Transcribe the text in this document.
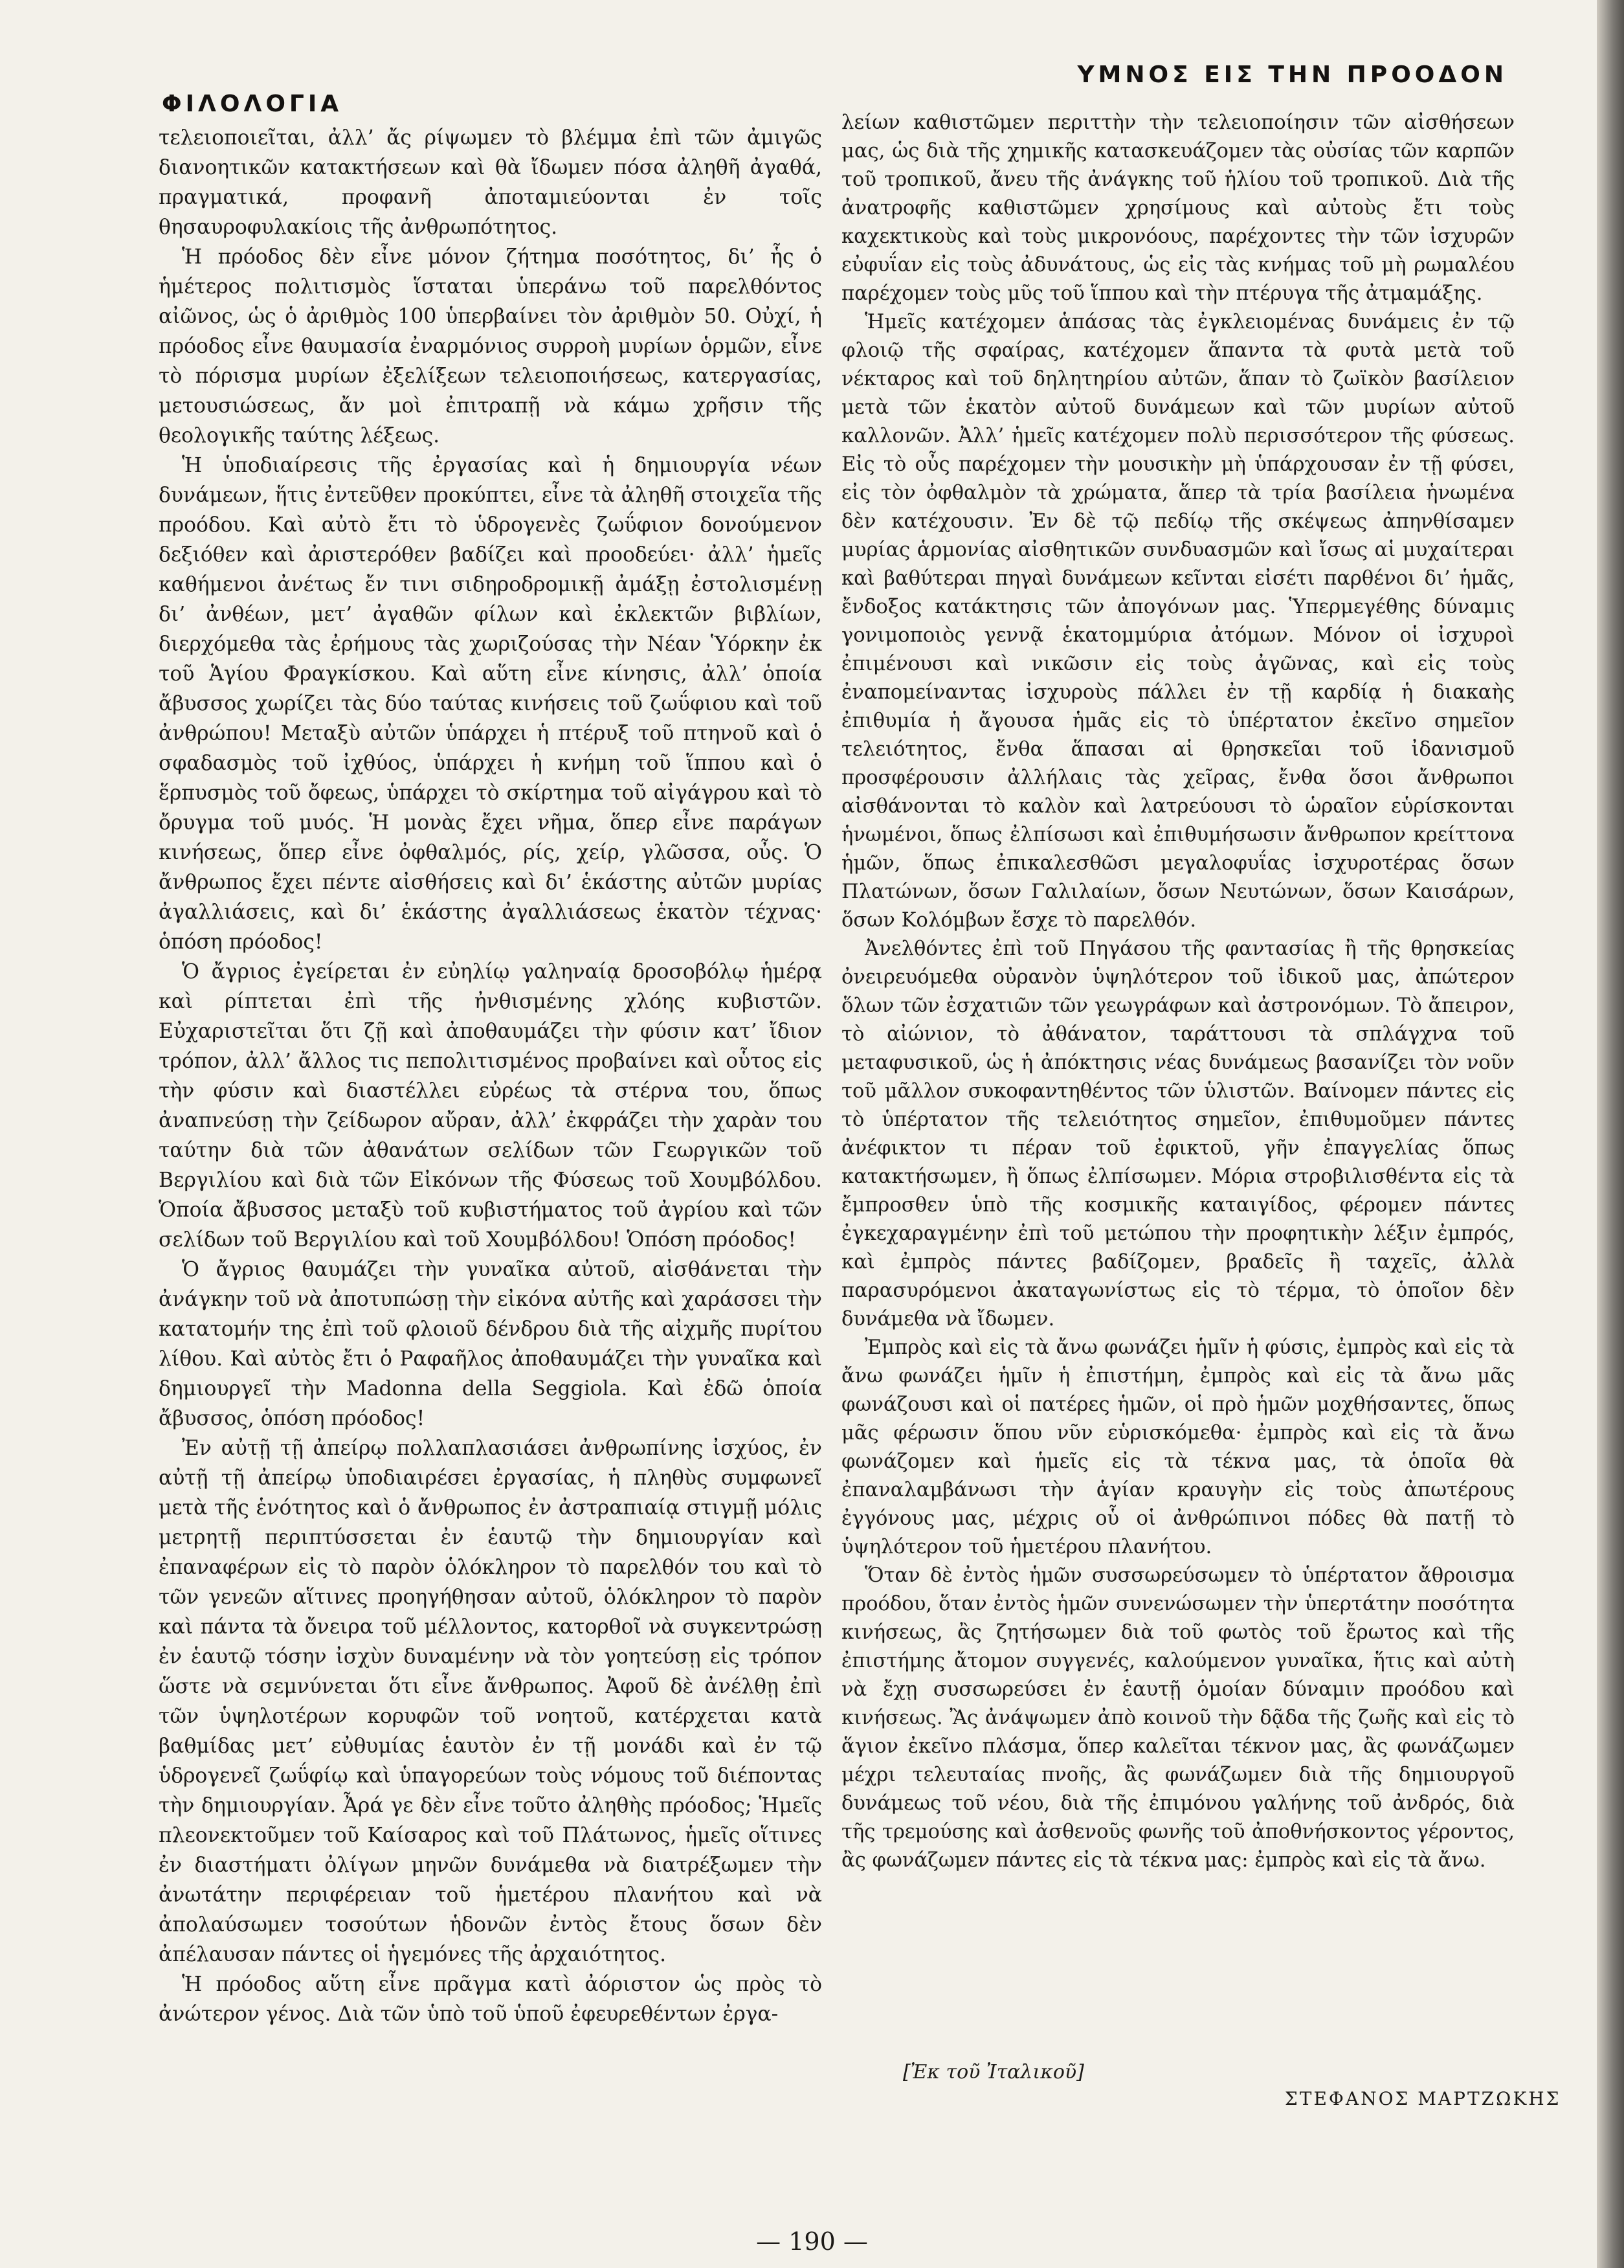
ΦΙΛΟΛΟΓΙΑ
ΥΜΝΟΣ ΕΙΣ ΤΗΝ ΠΡΟΟΔΟΝ

τελειοποιεῖται, ἀλλ’ ἄς ρίψωμεν τὸ βλέμμα ἐπὶ τῶν ἀμιγῶς διανοητικῶν κατακτήσεων καὶ θὰ ἴδωμεν πόσα ἀληθῆ ἀγαθά, πραγματικά, προφανῆ ἀποταμιεύονται ἐν τοῖς θησαυροφυλακίοις τῆς ἀνθρωπότητος.

Ἡ πρόοδος δὲν εἶνε μόνον ζήτημα ποσότητος, δι’ ἧς ὁ ἡμέτερος πολιτισμὸς ἵσταται ὑπεράνω τοῦ παρελθόντος αἰῶνος, ὡς ὁ ἀριθμὸς 100 ὑπερβαίνει τὸν ἀριθμὸν 50. Οὐχί, ἡ πρόοδος εἶνε θαυμασία ἐναρμόνιος συρροὴ μυρίων ὁρμῶν, εἶνε τὸ πόρισμα μυρίων ἐξελίξεων τελειοποιήσεως, κατεργασίας, μετουσιώσεως, ἄν μοὶ ἐπιτραπῇ νὰ κάμω χρῆσιν τῆς θεολογικῆς ταύτης λέξεως.

Ἡ ὑποδιαίρεσις τῆς ἐργασίας καὶ ἡ δημιουργία νέων δυνάμεων, ἥτις ἐντεῦθεν προκύπτει, εἶνε τὰ ἀληθῆ στοιχεῖα τῆς προόδου. Καὶ αὐτὸ ἔτι τὸ ὑδρογενὲς ζωΰφιον δονούμενον δεξιόθεν καὶ ἀριστερόθεν βαδίζει καὶ προοδεύει· ἀλλ’ ἡμεῖς καθήμενοι ἀνέτως ἔν τινι σιδηροδρομικῇ ἀμάξῃ ἐστολισμένῃ δι’ ἀνθέων, μετ’ ἀγαθῶν φίλων καὶ ἐκλεκτῶν βιβλίων, διερχόμεθα τὰς ἐρήμους τὰς χωριζούσας τὴν Νέαν Ὑόρκην ἐκ τοῦ Ἁγίου Φραγκίσκου. Καὶ αὕτη εἶνε κίνησις, ἀλλ’ ὁποία ἄβυσσος χωρίζει τὰς δύο ταύτας κινήσεις τοῦ ζωΰφιου καὶ τοῦ ἀνθρώπου! Μεταξὺ αὐτῶν ὑπάρχει ἡ πτέρυξ τοῦ πτηνοῦ καὶ ὁ σφαδασμὸς τοῦ ἰχθύος, ὑπάρχει ἡ κνήμη τοῦ ἵππου καὶ ὁ ἕρπυσμὸς τοῦ ὄφεως, ὑπάρχει τὸ σκίρτημα τοῦ αἰγάγρου καὶ τὸ ὄρυγμα τοῦ μυός. Ἡ μονὰς ἔχει νῆμα, ὅπερ εἶνε παράγων κινήσεως, ὅπερ εἶνε ὀφθαλμός, ρίς, χείρ, γλῶσσα, οὖς. Ὁ ἄνθρωπος ἔχει πέντε αἰσθήσεις καὶ δι’ ἑκάστης αὐτῶν μυρίας ἀγαλλιάσεις, καὶ δι’ ἑκάστης ἀγαλλιάσεως ἑκατὸν τέχνας· ὁπόση πρόοδος!

Ὁ ἄγριος ἐγείρεται ἐν εὐηλίῳ γαληναίᾳ δροσοβόλῳ ἡμέρᾳ καὶ ρίπτεται ἐπὶ τῆς ἠνθισμένης χλόης κυβιστῶν. Εὐχαριστεῖται ὅτι ζῇ καὶ ἀποθαυμάζει τὴν φύσιν κατ’ ἴδιον τρόπον, ἀλλ’ ἄλλος τις πεπολιτισμένος προβαίνει καὶ οὗτος εἰς τὴν φύσιν καὶ διαστέλλει εὐρέως τὰ στέρνα του, ὅπως ἀναπνεύσῃ τὴν ζείδωρον αὔραν, ἀλλ’ ἐκφράζει τὴν χαρὰν του ταύτην διὰ τῶν ἀθανάτων σελίδων τῶν Γεωργικῶν τοῦ Βεργιλίου καὶ διὰ τῶν Εἰκόνων τῆς Φύσεως τοῦ Χουμβόλδου. Ὁποία ἄβυσσος μεταξὺ τοῦ κυβιστήματος τοῦ ἀγρίου καὶ τῶν σελίδων τοῦ Βεργιλίου καὶ τοῦ Χουμβόλδου! Ὁπόση πρόοδος!

Ὁ ἄγριος θαυμάζει τὴν γυναῖκα αὐτοῦ, αἰσθάνεται τὴν ἀνάγκην τοῦ νὰ ἀποτυπώσῃ τὴν εἰκόνα αὐτῆς καὶ χαράσσει τὴν κατατομήν της ἐπὶ τοῦ φλοιοῦ δένδρου διὰ τῆς αἰχμῆς πυρίτου λίθου. Καὶ αὐτὸς ἔτι ὁ Ραφαῆλος ἀποθαυμάζει τὴν γυναῖκα καὶ δημιουργεῖ τὴν Madonna della Seggiola. Καὶ ἐδῶ ὁποία ἄβυσσος, ὁπόση πρόοδος!

Ἐν αὐτῇ τῇ ἀπείρῳ πολλαπλασιάσει ἀνθρωπίνης ἰσχύος, ἐν αὐτῇ τῇ ἀπείρῳ ὑποδιαιρέσει ἐργασίας, ἡ πληθὺς συμφωνεῖ μετὰ τῆς ἑνότητος καὶ ὁ ἄνθρωπος ἐν ἀστραπιαίᾳ στιγμῇ μόλις μετρητῇ περιπτύσσεται ἐν ἑαυτῷ τὴν δημιουργίαν καὶ ἐπαναφέρων εἰς τὸ παρὸν ὁλόκληρον τὸ παρελθόν του καὶ τὸ τῶν γενεῶν αἵτινες προηγήθησαν αὐτοῦ, ὁλόκληρον τὸ παρὸν καὶ πάντα τὰ ὄνειρα τοῦ μέλλοντος, κατορθοῖ νὰ συγκεντρώσῃ ἐν ἑαυτῷ τόσην ἰσχὺν δυναμένην νὰ τὸν γοητεύσῃ εἰς τρόπον ὥστε νὰ σεμνύνεται ὅτι εἶνε ἄνθρωπος. Ἀφοῦ δὲ ἀνέλθῃ ἐπὶ τῶν ὑψηλοτέρων κορυφῶν τοῦ νοητοῦ, κατέρχεται κατὰ βαθμίδας μετ’ εὐθυμίας ἑαυτὸν ἐν τῇ μονάδι καὶ ἐν τῷ ὑδρογενεῖ ζωΰφίῳ καὶ ὑπαγορεύων τοὺς νόμους τοῦ διέποντας τὴν δημιουργίαν. Ἆρά γε δὲν εἶνε τοῦτο ἀληθὴς πρόοδος; Ἡμεῖς πλεονεκτοῦμεν τοῦ Καίσαρος καὶ τοῦ Πλάτωνος, ἡμεῖς οἵτινες ἐν διαστήματι ὀλίγων μηνῶν δυνάμεθα νὰ διατρέξωμεν τὴν ἀνωτάτην περιφέρειαν τοῦ ἡμετέρου πλανήτου καὶ νὰ ἀπολαύσωμεν τοσούτων ἡδονῶν ἐντὸς ἔτους ὅσων δὲν ἀπέλαυσαν πάντες οἱ ἡγεμόνες τῆς ἀρχαιότητος.

Ἡ πρόοδος αὕτη εἶνε πρᾶγμα κατὶ ἀόριστον ὡς πρὸς τὸ ἀνώτερον γένος. Διὰ τῶν ὑπὸ τοῦ ὑποῦ ἐφευρεθέντων ἐργα-

λείων καθιστῶμεν περιττὴν τὴν τελειοποίησιν τῶν αἰσθήσεων μας, ὡς διὰ τῆς χημικῆς κατασκευάζομεν τὰς οὐσίας τῶν καρπῶν τοῦ τροπικοῦ, ἄνευ τῆς ἀνάγκης τοῦ ἡλίου τοῦ τροπικοῦ. Διὰ τῆς ἀνατροφῆς καθιστῶμεν χρησίμους καὶ αὐτοὺς ἔτι τοὺς καχεκτικοὺς καὶ τοὺς μικρονόους, παρέχοντες τὴν τῶν ἰσχυρῶν εὐφυΐαν εἰς τοὺς ἀδυνάτους, ὡς εἰς τὰς κνήμας τοῦ μὴ ρωμαλέου παρέχομεν τοὺς μῦς τοῦ ἵππου καὶ τὴν πτέρυγα τῆς ἀτμαμάξης.

Ἡμεῖς κατέχομεν ἁπάσας τὰς ἐγκλειομένας δυνάμεις ἐν τῷ φλοιῷ τῆς σφαίρας, κατέχομεν ἅπαντα τὰ φυτὰ μετὰ τοῦ νέκταρος καὶ τοῦ δηλητηρίου αὐτῶν, ἅπαν τὸ ζωϊκὸν βασίλειον μετὰ τῶν ἑκατὸν αὐτοῦ δυνάμεων καὶ τῶν μυρίων αὐτοῦ καλλονῶν. Ἀλλ’ ἡμεῖς κατέχομεν πολὺ περισσότερον τῆς φύσεως. Εἰς τὸ οὖς παρέχομεν τὴν μουσικὴν μὴ ὑπάρχουσαν ἐν τῇ φύσει, εἰς τὸν ὀφθαλμὸν τὰ χρώματα, ἅπερ τὰ τρία βασίλεια ἡνωμένα δὲν κατέχουσιν. Ἐν δὲ τῷ πεδίῳ τῆς σκέψεως ἀπηνθίσαμεν μυρίας ἁρμονίας αἰσθητικῶν συνδυασμῶν καὶ ἴσως αἱ μυχαίτεραι καὶ βαθύτεραι πηγαὶ δυνάμεων κεῖνται εἰσέτι παρθένοι δι’ ἡμᾶς, ἔνδοξος κατάκτησις τῶν ἀπογόνων μας. Ὑπερμεγέθης δύναμις γονιμοποιὸς γεννᾷ ἑκατομμύρια ἀτόμων. Μόνον οἱ ἰσχυροὶ ἐπιμένουσι καὶ νικῶσιν εἰς τοὺς ἀγῶνας, καὶ εἰς τοὺς ἐναπομείναντας ἰσχυροὺς πάλλει ἐν τῇ καρδίᾳ ἡ διακαὴς ἐπιθυμία ἡ ἄγουσα ἡμᾶς εἰς τὸ ὑπέρτατον ἐκεῖνο σημεῖον τελειότητος, ἔνθα ἅπασαι αἱ θρησκεῖαι τοῦ ἰδανισμοῦ προσφέρουσιν ἀλλήλαις τὰς χεῖρας, ἔνθα ὅσοι ἄνθρωποι αἰσθάνονται τὸ καλὸν καὶ λατρεύουσι τὸ ὡραῖον εὑρίσκονται ἡνωμένοι, ὅπως ἐλπίσωσι καὶ ἐπιθυμήσωσιν ἄνθρωπον κρείττονα ἡμῶν, ὅπως ἐπικαλεσθῶσι μεγαλοφυΐας ἰσχυροτέρας ὅσων Πλατώνων, ὅσων Γαλιλαίων, ὅσων Νευτώνων, ὅσων Καισάρων, ὅσων Κολόμβων ἔσχε τὸ παρελθόν.

Ἀνελθόντες ἐπὶ τοῦ Πηγάσου τῆς φαντασίας ἢ τῆς θρησκείας ὀνειρευόμεθα οὐρανὸν ὑψηλότερον τοῦ ἰδικοῦ μας, ἀπώτερον ὅλων τῶν ἐσχατιῶν τῶν γεωγράφων καὶ ἀστρονόμων. Τὸ ἄπειρον, τὸ αἰώνιον, τὸ ἀθάνατον, ταράττουσι τὰ σπλάγχνα τοῦ μεταφυσικοῦ, ὡς ἡ ἀπόκτησις νέας δυνάμεως βασανίζει τὸν νοῦν τοῦ μᾶλλον συκοφαντηθέντος τῶν ὑλιστῶν. Βαίνομεν πάντες εἰς τὸ ὑπέρτατον τῆς τελειότητος σημεῖον, ἐπιθυμοῦμεν πάντες ἀνέφικτον τι πέραν τοῦ ἐφικτοῦ, γῆν ἐπαγγελίας ὅπως κατακτήσωμεν, ἢ ὅπως ἐλπίσωμεν. Μόρια στροβιλισθέντα εἰς τὰ ἔμπροσθεν ὑπὸ τῆς κοσμικῆς καταιγίδος, φέρομεν πάντες ἐγκεχαραγμένην ἐπὶ τοῦ μετώπου τὴν προφητικὴν λέξιν ἐμπρός, καὶ ἐμπρὸς πάντες βαδίζομεν, βραδεῖς ἢ ταχεῖς, ἀλλὰ παρασυρόμενοι ἀκαταγωνίστως εἰς τὸ τέρμα, τὸ ὁποῖον δὲν δυνάμεθα νὰ ἴδωμεν.

Ἐμπρὸς καὶ εἰς τὰ ἄνω φωνάζει ἡμῖν ἡ φύσις, ἐμπρὸς καὶ εἰς τὰ ἄνω φωνάζει ἡμῖν ἡ ἐπιστήμη, ἐμπρὸς καὶ εἰς τὰ ἄνω μᾶς φωνάζουσι καὶ οἱ πατέρες ἡμῶν, οἱ πρὸ ἡμῶν μοχθήσαντες, ὅπως μᾶς φέρωσιν ὅπου νῦν εὑρισκόμεθα· ἐμπρὸς καὶ εἰς τὰ ἄνω φωνάζομεν καὶ ἡμεῖς εἰς τὰ τέκνα μας, τὰ ὁποῖα θὰ ἐπαναλαμβάνωσι τὴν ἁγίαν κραυγὴν εἰς τοὺς ἀπωτέρους ἐγγόνους μας, μέχρις οὗ οἱ ἀνθρώπινοι πόδες θὰ πατῇ τὸ ὑψηλότερον τοῦ ἡμετέρου πλανήτου.

Ὅταν δὲ ἐντὸς ἡμῶν συσσωρεύσωμεν τὸ ὑπέρτατον ἄθροισμα προόδου, ὅταν ἐντὸς ἡμῶν συνενώσωμεν τὴν ὑπερτάτην ποσότητα κινήσεως, ἂς ζητήσωμεν διὰ τοῦ φωτὸς τοῦ ἔρωτος καὶ τῆς ἐπιστήμης ἄτομον συγγενές, καλούμενον γυναῖκα, ἥτις καὶ αὐτὴ νὰ ἔχῃ συσσωρεύσει ἐν ἑαυτῇ ὁμοίαν δύναμιν προόδου καὶ κινήσεως. Ἂς ἀνάψωμεν ἀπὸ κοινοῦ τὴν δᾷδα τῆς ζωῆς καὶ εἰς τὸ ἅγιον ἐκεῖνο πλάσμα, ὅπερ καλεῖται τέκνον μας, ἂς φωνάζωμεν μέχρι τελευταίας πνοῆς, ἂς φωνάζωμεν διὰ τῆς δημιουργοῦ δυνάμεως τοῦ νέου, διὰ τῆς ἐπιμόνου γαλήνης τοῦ ἀνδρός, διὰ τῆς τρεμούσης καὶ ἀσθενοῦς φωνῆς τοῦ ἀποθνήσκοντος γέροντος, ἂς φωνάζωμεν πάντες εἰς τὰ τέκνα μας: ἐμπρὸς καὶ εἰς τὰ ἄνω.

[Ἐκ τοῦ Ἰταλικοῦ]
ΣΤΕΦΑΝΟΣ ΜΑΡΤΖΩΚΗΣ
— 190 —
